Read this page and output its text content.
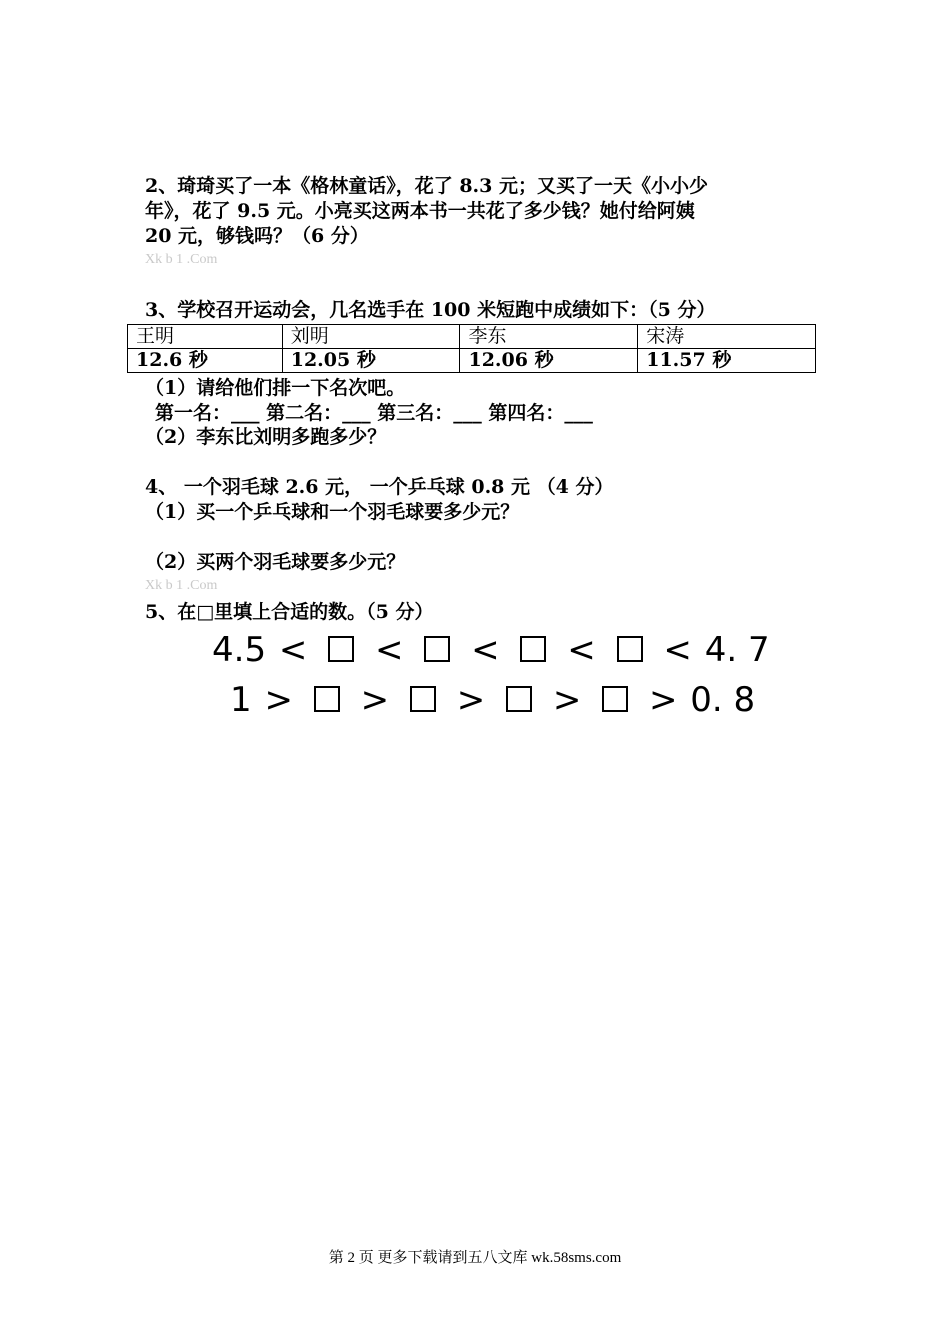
2、琦琦买了一本《格林童话》，花了 8.3 元；又买了一天《小小少
年》，花了 9.5 元。小亮买这两本书一共花了多少钱？她付给阿姨
20 元，够钱吗？（6 分）
Xk b 1 .Com
3、学校召开运动会，几名选手在 100 米短跑中成绩如下：（5 分）
王明	刘明	李东	宋涛
12.6 秒	12.05 秒	12.06 秒	11.57 秒
（1）请给他们排一下名次吧。
第一名：___ 第二名：___ 第三名：___ 第四名：___
（2）李东比刘明多跑多少？
4、 一个羽毛球 2.6 元， 一个乒乓球 0.8 元 （4 分）
（1）买一个乒乓球和一个羽毛球要多少元？
（2）买两个羽毛球要多少元？
Xk b 1 .Com
5、在□里填上合适的数。（5 分）
4.5 < < < < < 4. 7
1 > > > > > 0. 8
第 2 页 更多下载请到五八文库 wk.58sms.com
